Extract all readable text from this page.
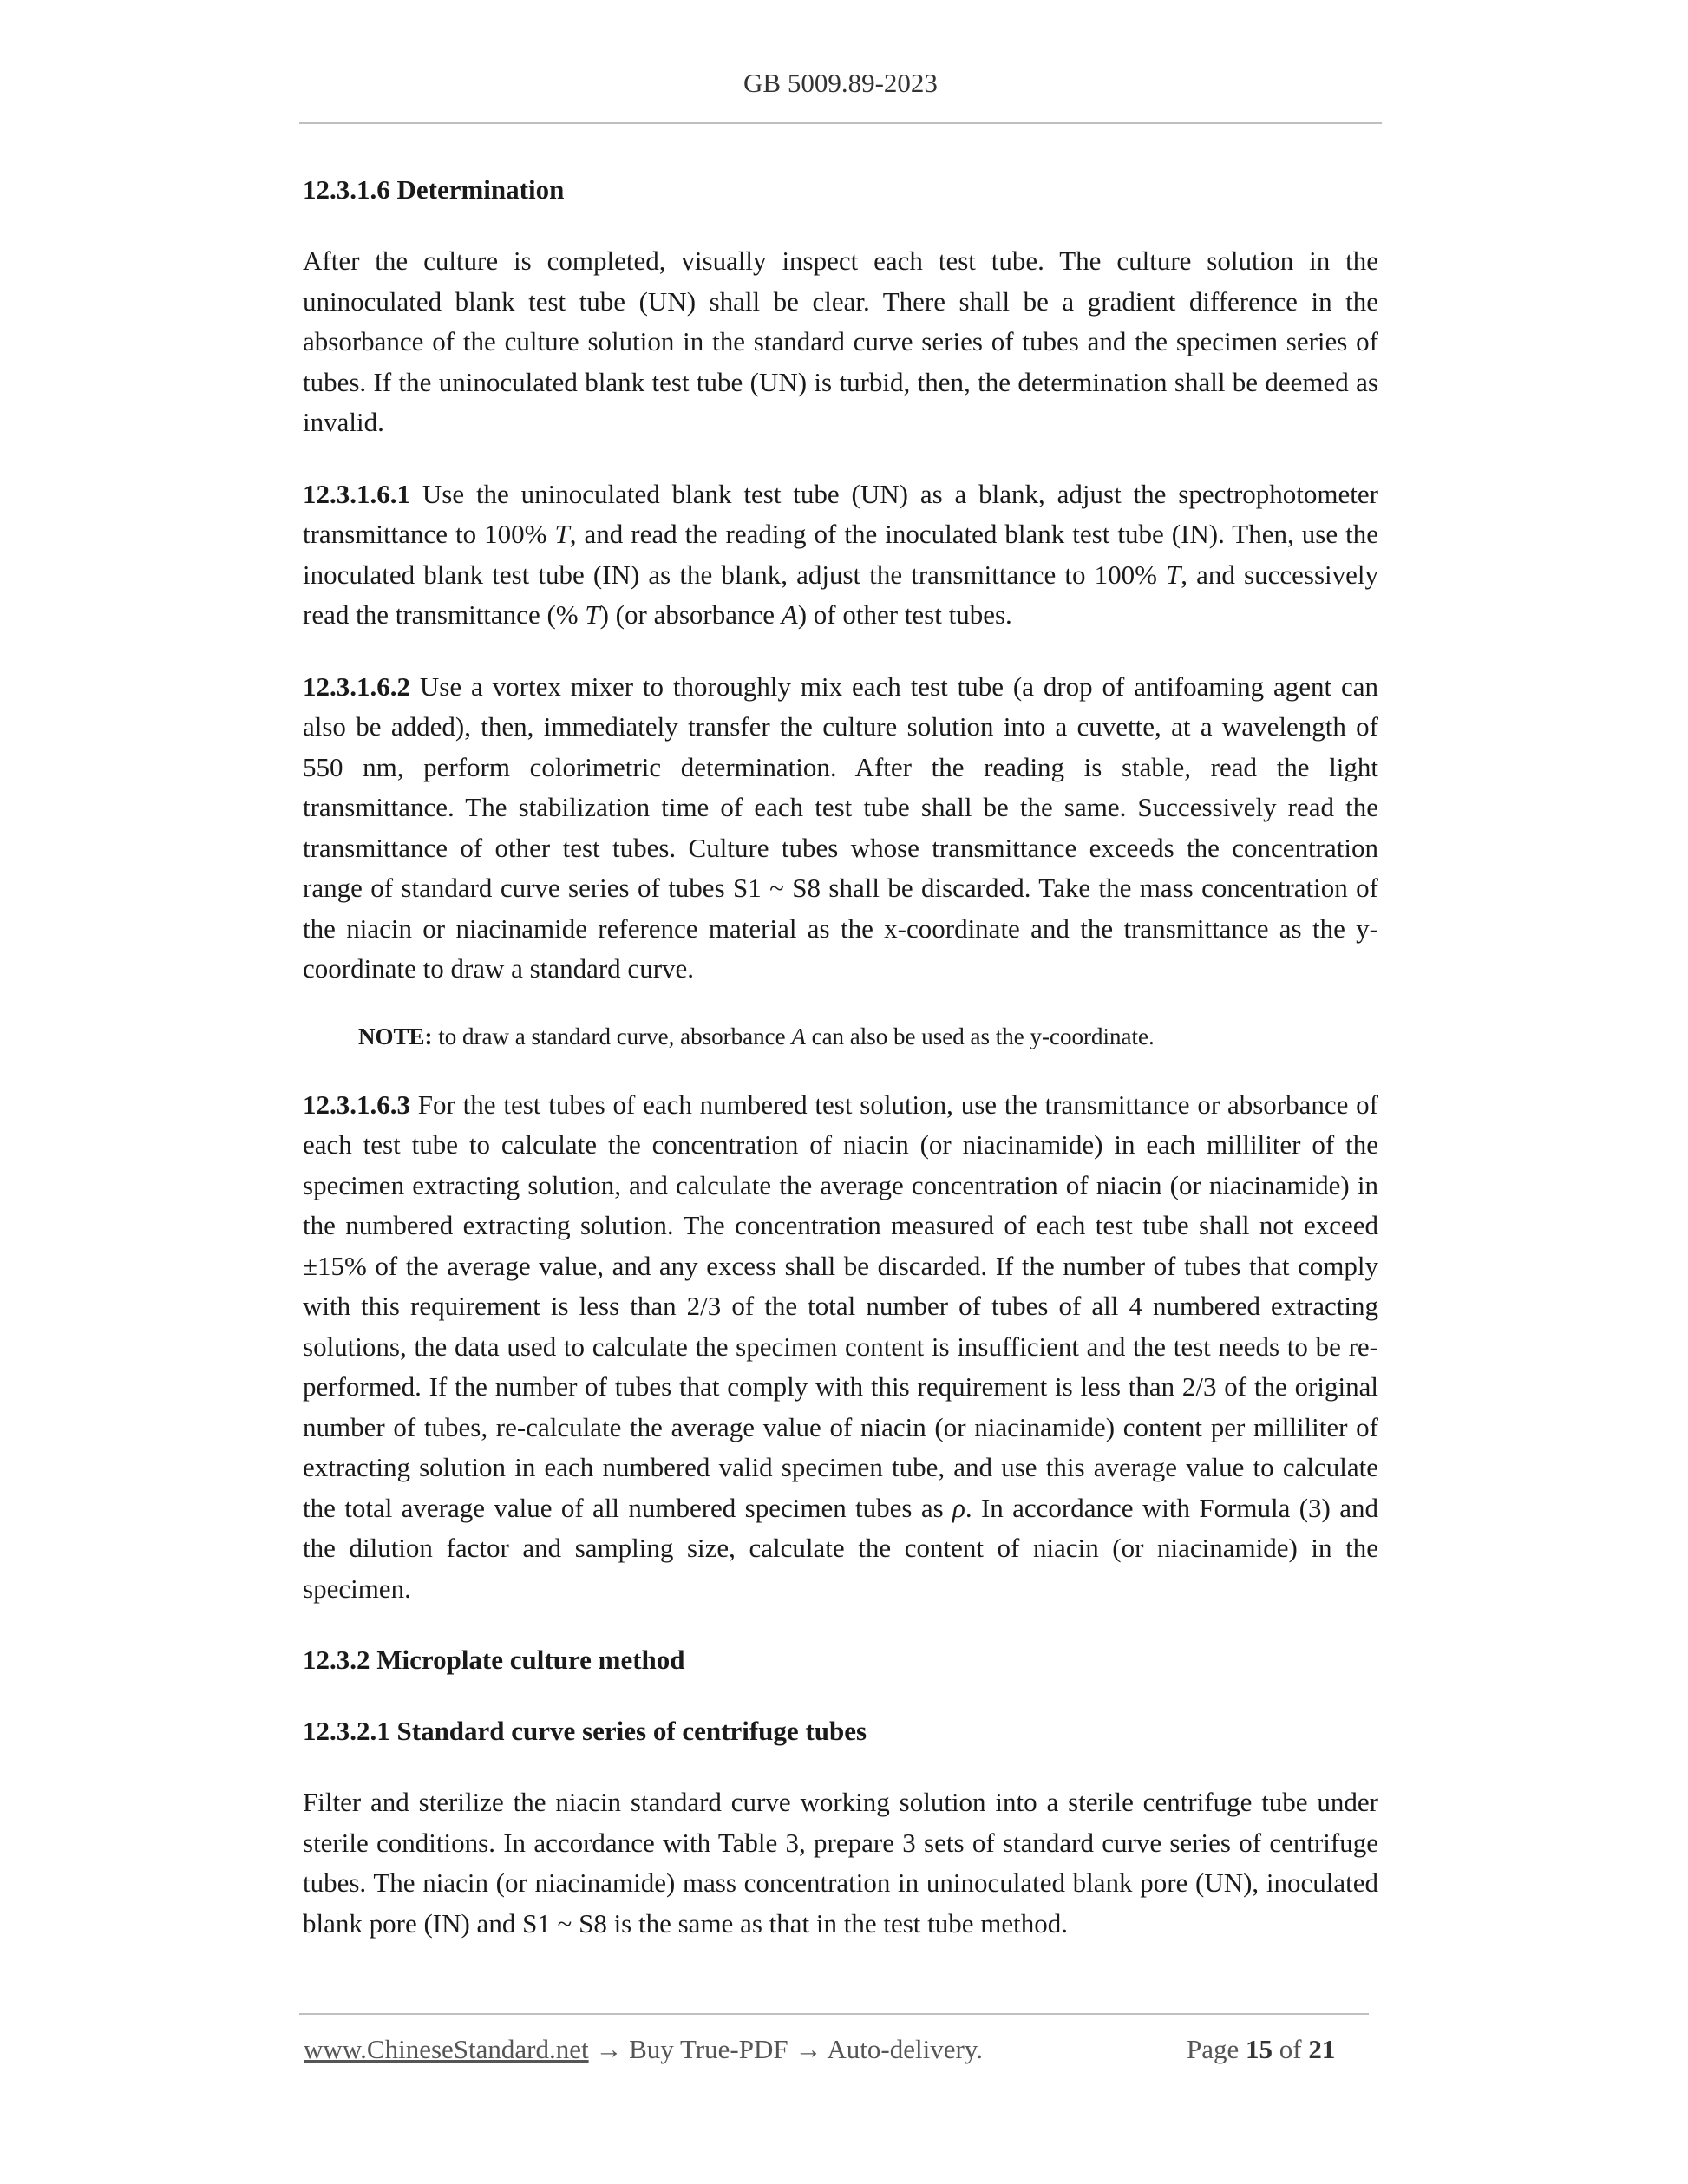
GB 5009.89-2023
12.3.1.6 Determination

After the culture is completed, visually inspect each test tube. The culture solution in the uninoculated blank test tube (UN) shall be clear. There shall be a gradient difference in the absorbance of the culture solution in the standard curve series of tubes and the specimen series of tubes. If the uninoculated blank test tube (UN) is turbid, then, the determination shall be deemed as invalid.

12.3.1.6.1 Use the uninoculated blank test tube (UN) as a blank, adjust the spectrophotometer transmittance to 100% T, and read the reading of the inoculated blank test tube (IN). Then, use the inoculated blank test tube (IN) as the blank, adjust the transmittance to 100% T, and successively read the transmittance (% T) (or absorbance A) of other test tubes.

12.3.1.6.2 Use a vortex mixer to thoroughly mix each test tube (a drop of antifoaming agent can also be added), then, immediately transfer the culture solution into a cuvette, at a wavelength of 550 nm, perform colorimetric determination. After the reading is stable, read the light transmittance. The stabilization time of each test tube shall be the same. Successively read the transmittance of other test tubes. Culture tubes whose transmittance exceeds the concentration range of standard curve series of tubes S1 ~ S8 shall be discarded. Take the mass concentration of the niacin or niacinamide reference material as the x-coordinate and the transmittance as the y-coordinate to draw a standard curve.

NOTE: to draw a standard curve, absorbance A can also be used as the y-coordinate.

12.3.1.6.3 For the test tubes of each numbered test solution, use the transmittance or absorbance of each test tube to calculate the concentration of niacin (or niacinamide) in each milliliter of the specimen extracting solution, and calculate the average concentration of niacin (or niacinamide) in the numbered extracting solution. The concentration measured of each test tube shall not exceed ±15% of the average value, and any excess shall be discarded. If the number of tubes that comply with this requirement is less than 2/3 of the total number of tubes of all 4 numbered extracting solutions, the data used to calculate the specimen content is insufficient and the test needs to be re-performed. If the number of tubes that comply with this requirement is less than 2/3 of the original number of tubes, re-calculate the average value of niacin (or niacinamide) content per milliliter of extracting solution in each numbered valid specimen tube, and use this average value to calculate the total average value of all numbered specimen tubes as ρ. In accordance with Formula (3) and the dilution factor and sampling size, calculate the content of niacin (or niacinamide) in the specimen.

12.3.2 Microplate culture method
12.3.2.1 Standard curve series of centrifuge tubes

Filter and sterilize the niacin standard curve working solution into a sterile centrifuge tube under sterile conditions. In accordance with Table 3, prepare 3 sets of standard curve series of centrifuge tubes. The niacin (or niacinamide) mass concentration in uninoculated blank pore (UN), inoculated blank pore (IN) and S1 ~ S8 is the same as that in the test tube method.

www.ChineseStandard.net → Buy True-PDF → Auto-delivery.	Page 15 of 21
